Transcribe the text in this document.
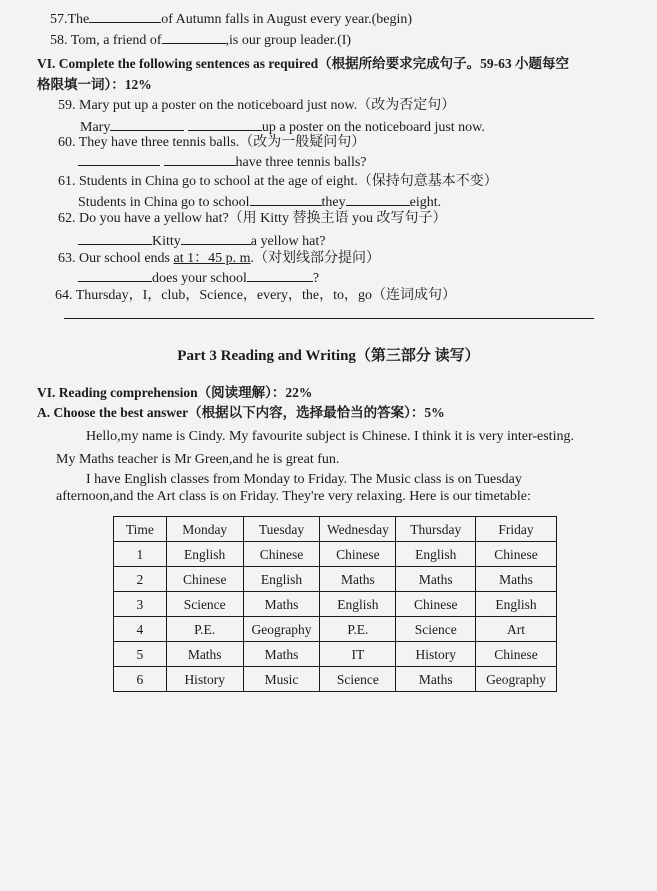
57.The	of Autumn falls in August every year.(begin)
58. Tom, a friend of	,is our group leader.(I)
VI. Complete the following sentences as required（根据所给要求完成句子。59-63 小题每空
格限填一词）：12%
59. Mary put up a poster on the noticeboard just now.（改为否定句）
Mary	up a poster on the noticeboard just now.
60. They have three tennis balls.（改为一般疑问句）
have three tennis balls?
61. Students in China go to school at the age of eight.（保持句意基本不变）
Students in China go to school	they	eight.
62. Do you have a yellow hat?（用 Kitty 替换主语 you 改写句子）
Kitty	a yellow hat?
63. Our school ends at 1：45 p. m.（对划线部分提问）
does your school	?
64. Thursday，I，club，Science，every，the，to，go（连词成句）
Part 3 Reading and Writing（第三部分 读写）
VI. Reading comprehension（阅读理解）：22%
A. Choose the best answer（根据以下内容，选择最恰当的答案）：5%
Hello,my name is Cindy. My favourite subject is Chinese. I think it is very inter-esting.
My Maths teacher is Mr Green,and he is great fun.
I have English classes from Monday to Friday. The Music class is on Tuesday
afternoon,and the Art class is on Friday. They're very relaxing. Here is our timetable:
Time	Monday	Tuesday	Wednesday	Thursday	Friday
1	English	Chinese	Chinese	English	Chinese
2	Chinese	English	Maths	Maths	Maths
3	Science	Maths	English	Chinese	English
4	P.E.	Geography	P.E.	Science	Art
5	Maths	Maths	IT	History	Chinese
6	History	Music	Science	Maths	Geography
